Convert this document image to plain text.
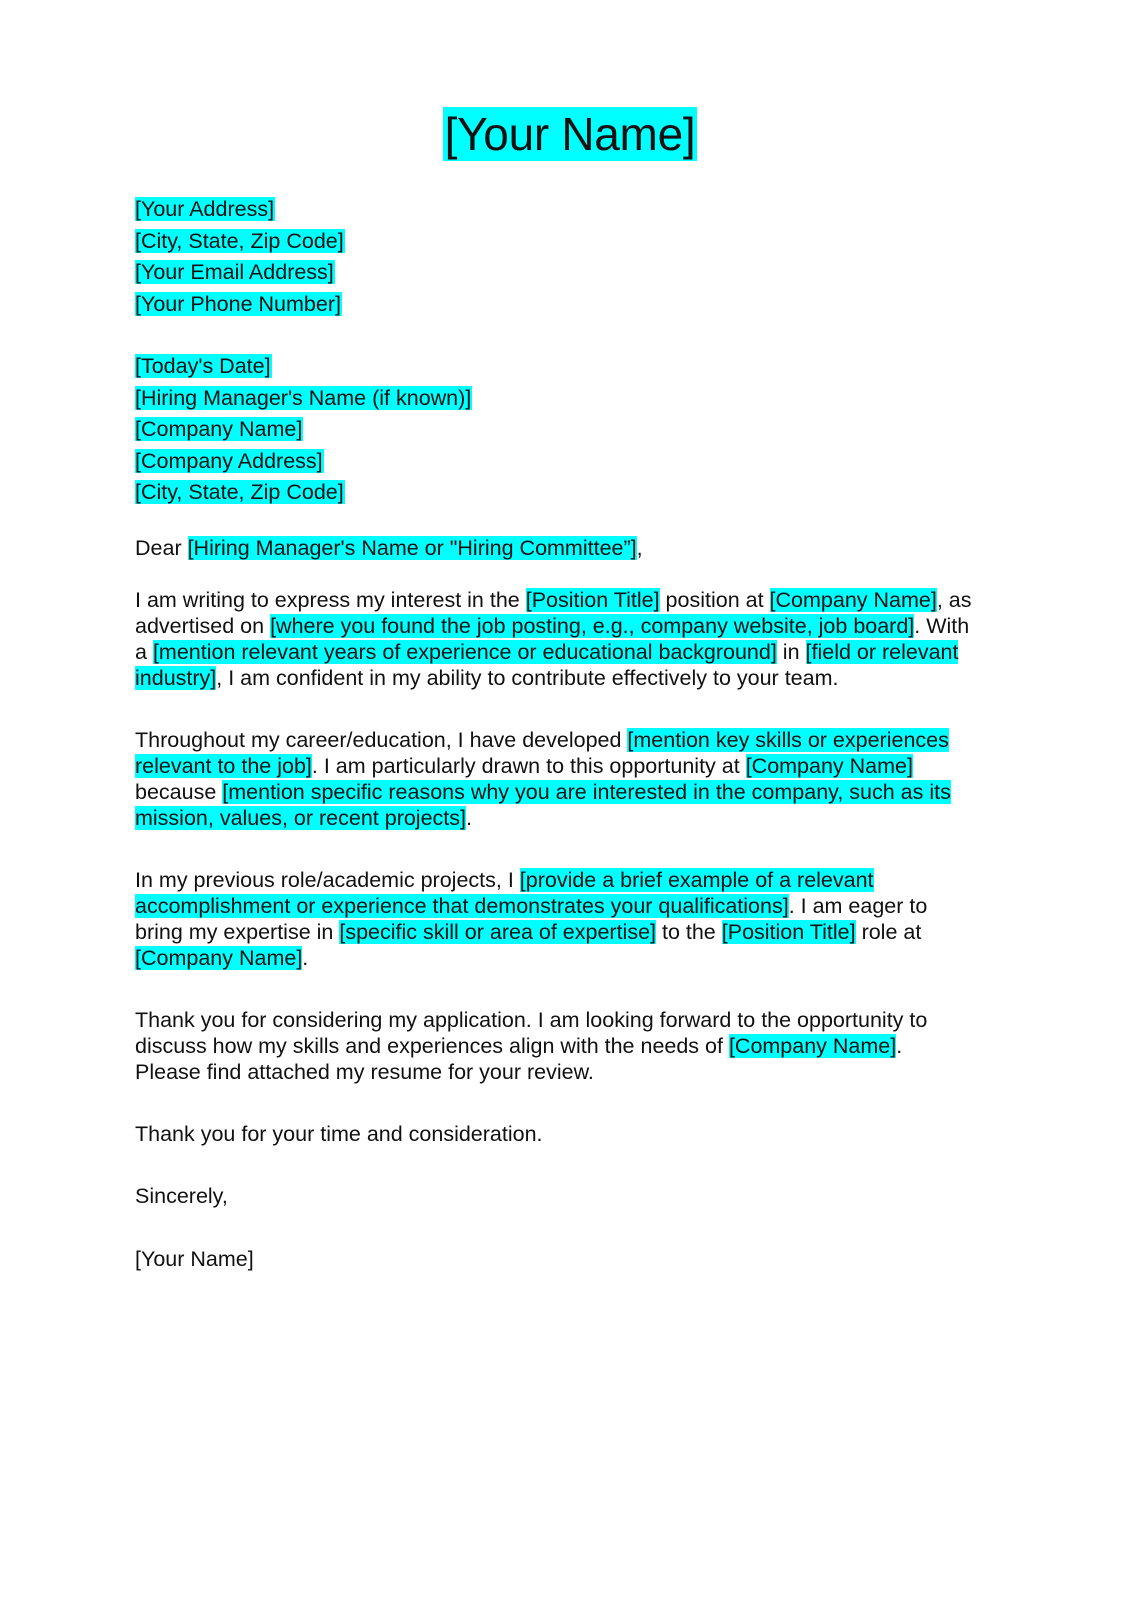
[Your Name]
[Your Address]
[City, State, Zip Code]
[Your Email Address]
[Your Phone Number]
[Today's Date]
[Hiring Manager's Name (if known)]
[Company Name]
[Company Address]
[City, State, Zip Code]
Dear [Hiring Manager's Name or "Hiring Committee”],
I am writing to express my interest in the [Position Title] position at [Company Name], as
advertised on [where you found the job posting, e.g., company website, job board]. With
a [mention relevant years of experience or educational background] in [field or relevant
industry], I am confident in my ability to contribute effectively to your team.
Throughout my career/education, I have developed [mention key skills or experiences
relevant to the job]. I am particularly drawn to this opportunity at [Company Name]
because [mention specific reasons why you are interested in the company, such as its
mission, values, or recent projects].
In my previous role/academic projects, I [provide a brief example of a relevant
accomplishment or experience that demonstrates your qualifications]. I am eager to
bring my expertise in [specific skill or area of expertise] to the [Position Title] role at
[Company Name].
Thank you for considering my application. I am looking forward to the opportunity to
discuss how my skills and experiences align with the needs of [Company Name].
Please find attached my resume for your review.
Thank you for your time and consideration.
Sincerely,
[Your Name]
